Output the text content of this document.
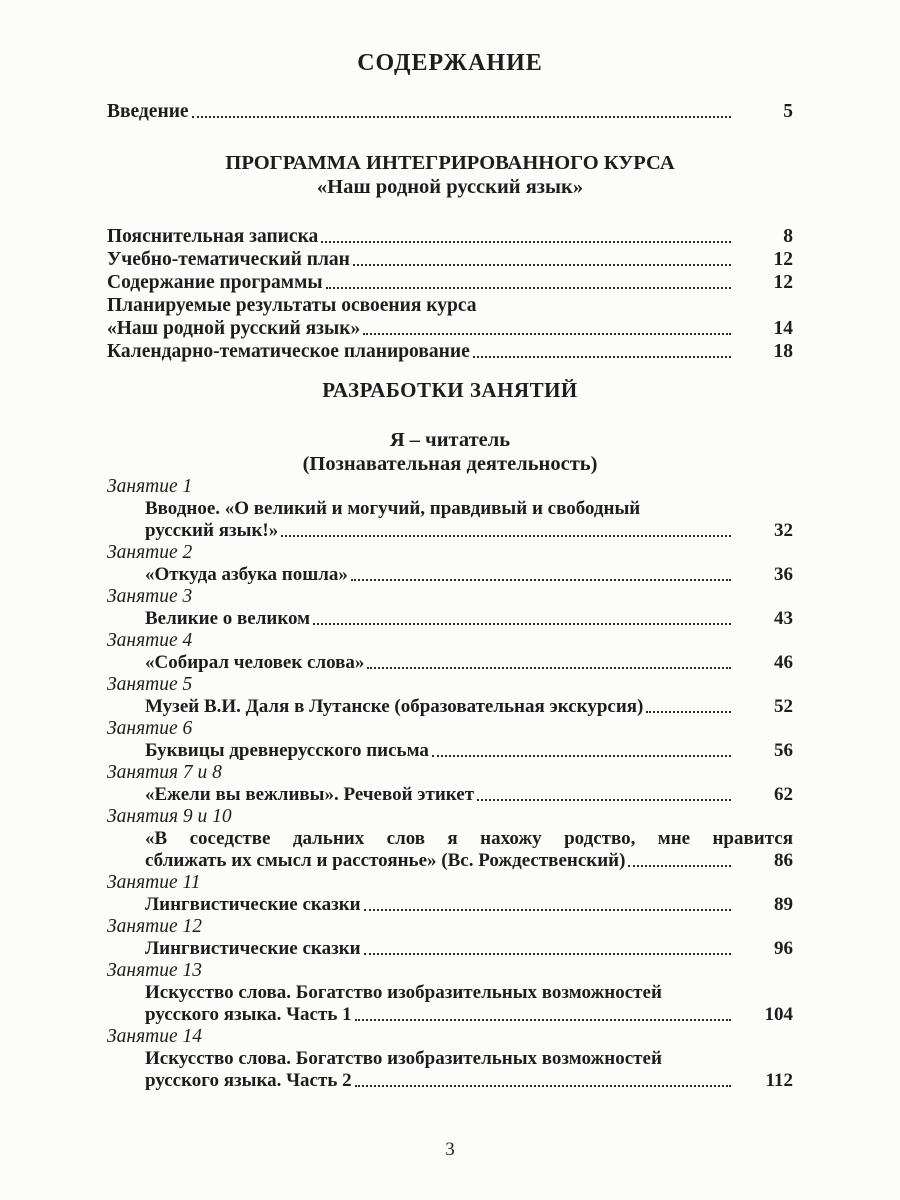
СОДЕРЖАНИЕ
Введение	5
ПРОГРАММА ИНТЕГРИРОВАННОГО КУРСА
«Наш родной русский язык»
Пояснительная записка	8
Учебно-тематический план	12
Содержание программы	12
Планируемые результаты освоения курса
«Наш родной русский язык»	14
Календарно-тематическое планирование	18
РАЗРАБОТКИ ЗАНЯТИЙ
Я – читатель
(Познавательная деятельность)
Занятие 1
Вводное. «О великий и могучий, правдивый и свободный
русский язык!»	32
Занятие 2
«Откуда азбука пошла»	36
Занятие 3
Великие о великом	43
Занятие 4
«Собирал человек слова»	46
Занятие 5
Музей В.И. Даля в Лутанске (образовательная экскурсия)	52
Занятие 6
Буквицы древнерусского письма	56
Занятия 7 и 8
«Ежели вы вежливы». Речевой этикет	62
Занятия 9 и 10
«В соседстве дальних слов я нахожу родство, мне нравится
сближать их смысл и расстоянье» (Вс. Рождественский)	86
Занятие 11
Лингвистические сказки	89
Занятие 12
Лингвистические сказки	96
Занятие 13
Искусство слова. Богатство изобразительных возможностей
русского языка. Часть 1	104
Занятие 14
Искусство слова. Богатство изобразительных возможностей
русского языка. Часть 2	112
3
